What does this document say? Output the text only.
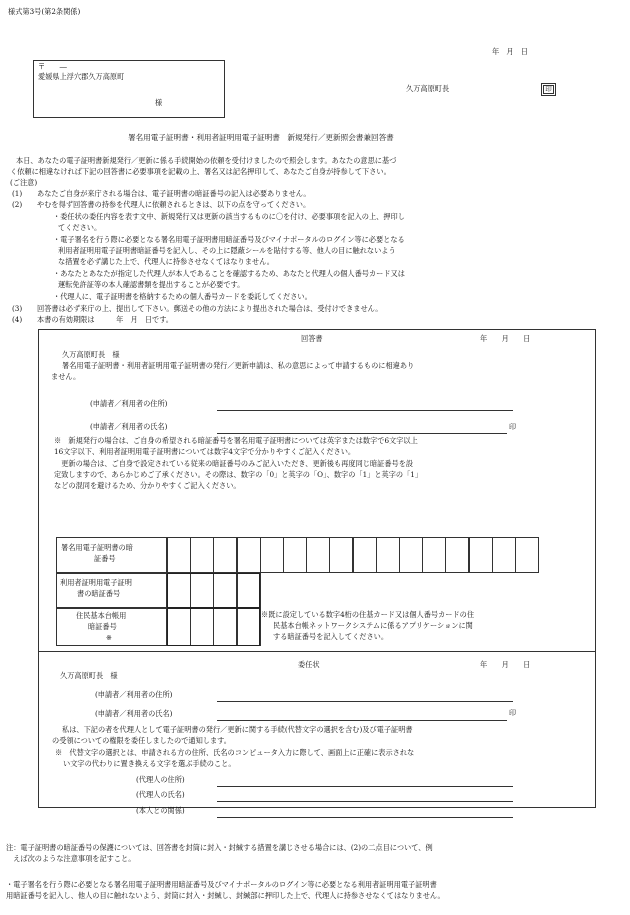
様式第3号(第2条関係)
年　月　日
〒　　―
愛媛県上浮穴郡久万高原町
様
久万高原町長	印
署名用電子証明書・利用者証明用電子証明書　新規発行／更新照会書兼回答書
本日、あなたの電子証明書新規発行／更新に係る手続開始の依頼を受付けましたので照会します。あなたの意思に基づ
く依頼に相違なければ下記の回答書に必要事項を記載の上、署名又は記名押印して、あなたご自身が持参して下さい。
(ご注意)
(1) あなたご自身が来庁される場合は、電子証明書の暗証番号の記入は必要ありません。
(2) やむを得ず回答書の持参を代理人に依頼されるときは、以下の点を守ってください。
・委任状の委任内容を表す文中、新規発行又は更新の該当するものに〇を付け、必要事項を記入の上、押印し
てください。
・電子署名を行う際に必要となる署名用電子証明書用暗証番号及びマイナポータルのログイン等に必要となる
利用者証明用電子証明書暗証番号を記入し、その上に隠蔽シールを貼付する等、他人の目に触れないよう
な措置を必ず講じた上で、代理人に持参させなくてはなりません。
・あなたとあなたが指定した代理人が本人であることを確認するため、あなたと代理人の個人番号カード又は
運転免許証等の本人確認書類を提出することが必要です。
・代理人に、電子証明書を格納するための個人番号カードを委託してください。
(3) 回答書は必ず来庁の上、提出して下さい。郵送その他の方法により提出された場合は、受付けできません。
(4) 本書の有効期限は　　　年　月　日です。
回答書	年　　月　　日
久万高原町長　様
署名用電子証明書・利用者証明用電子証明書の発行／更新申請は、私の意思によって申請するものに相違あり
ません。
(申請者／利用者の住所)
(申請者／利用者の氏名)	印
※　新規発行の場合は、ご自身の希望される暗証番号を署名用電子証明書については英字または数字で6文字以上
16文字以下、利用者証明用電子証明書については数字4文字で分かりやすくご記入ください。
　更新の場合は、ご自身で設定されている従来の暗証番号のみご記入いただき、更新後も再度同じ暗証番号を設
定致しますので、あらかじめご了承ください。その際は、数字の「0」と英字の「O」、数字の「1」と英字の「1」
などの混同を避けるため、分かりやすくご記入ください。
署名用電子証明書の暗
証番号
利用者証明用電子証明
書の暗証番号
住民基本台帳用
暗証番号
※
※既に設定している数字4桁の住基カード又は個人番号カードの住
民基本台帳ネットワークシステムに係るアプリケーションに関
する暗証番号を記入してください。
委任状	年　　月　　日
久万高原町長　様
(申請者／利用者の住所)
(申請者／利用者の氏名)	印
私は、下記の者を代理人として電子証明書の発行／更新に関する手続(代替文字の選択を含む)及び電子証明書
の受領についての権限を委任しましたので通知します。
※　代替文字の選択とは、申請される方の住所、氏名のコンピュータ入力に際して、画面上に正確に表示されな
い文字の代わりに置き換える文字を選ぶ手続のこと。
(代理人の住所)
(代理人の氏名)
(本人との関係)
注：電子証明書の暗証番号の保護については、回答書を封筒に封入・封緘する措置を講じさせる場合には、(2)の二点目について、例
　えば次のような注意事項を記すこと。
・電子署名を行う際に必要となる署名用電子証明書用暗証番号及びマイナポータルのログイン等に必要となる利用者証明用電子証明書
用暗証番号を記入し、他人の目に触れないよう、封筒に封入・封緘し、封緘部に押印した上で、代理人に持参させなくてはなりません。
